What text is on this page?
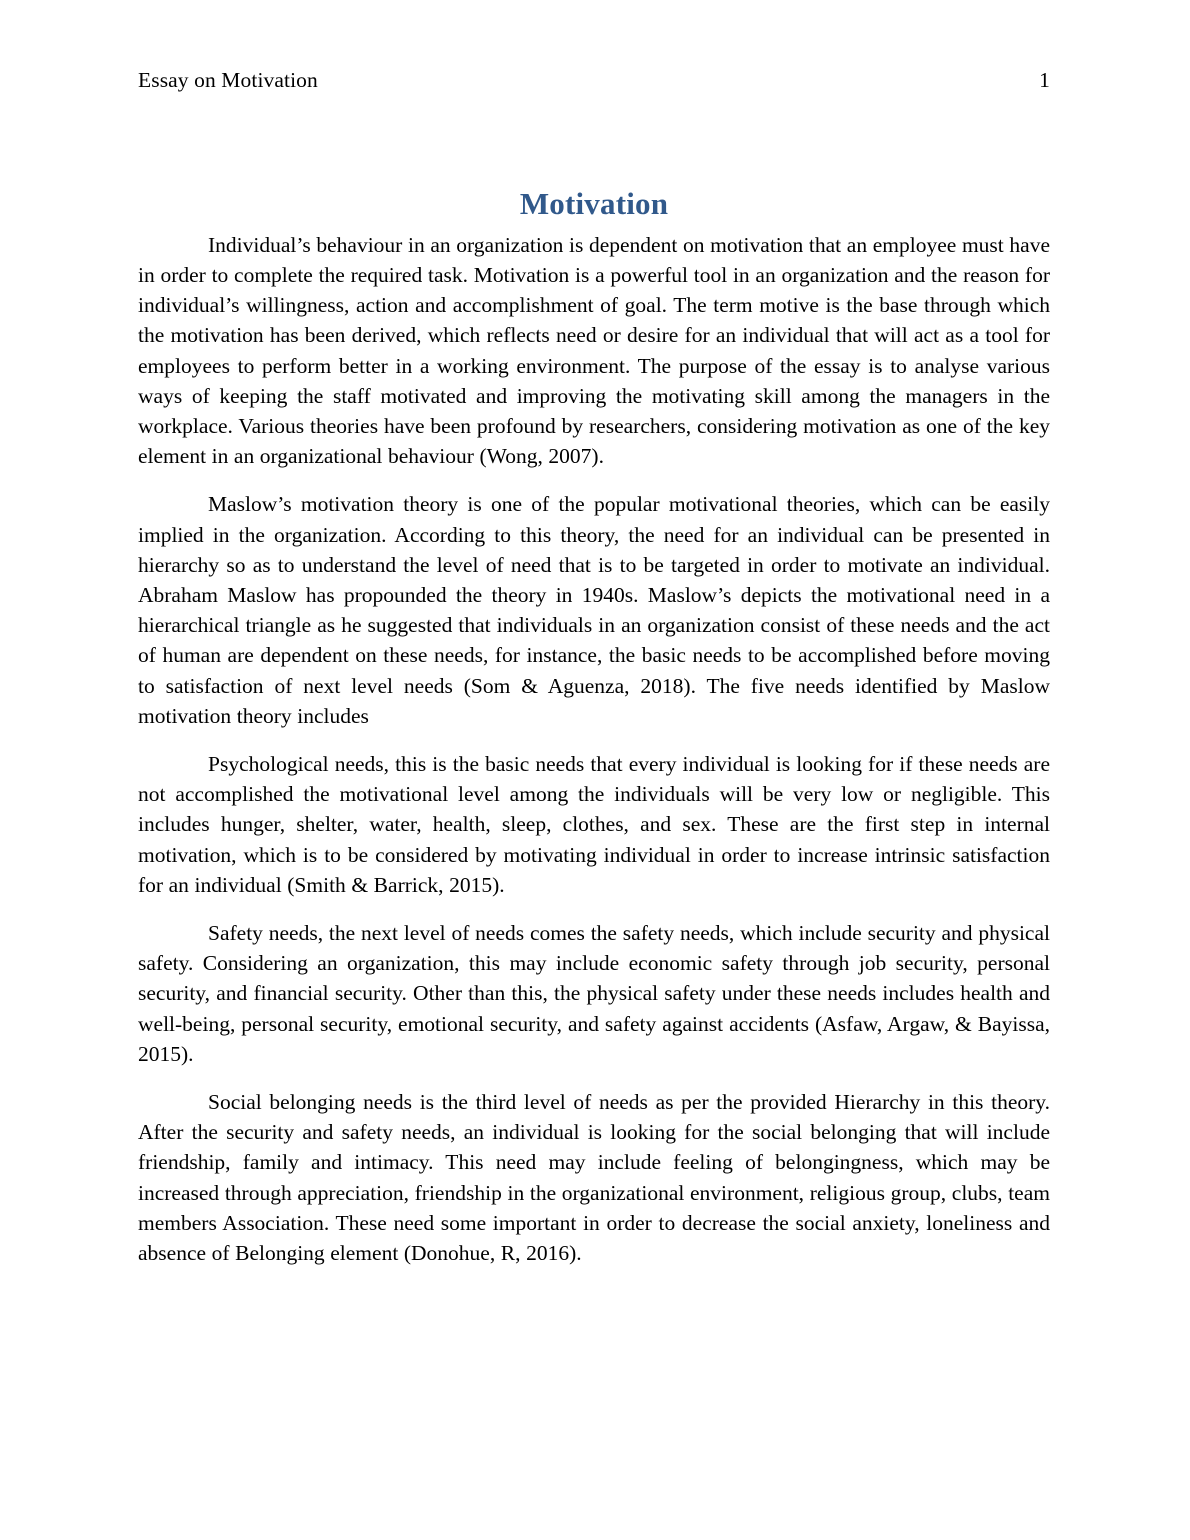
Essay on Motivation	1
Motivation

Individual’s behaviour in an organization is dependent on motivation that an employee must have in order to complete the required task. Motivation is a powerful tool in an organization and the reason for individual’s willingness, action and accomplishment of goal. The term motive is the base through which the motivation has been derived, which reflects need or desire for an individual that will act as a tool for employees to perform better in a working environment. The purpose of the essay is to analyse various ways of keeping the staff motivated and improving the motivating skill among the managers in the workplace. Various theories have been profound by researchers, considering motivation as one of the key element in an organizational behaviour (Wong, 2007).

Maslow’s motivation theory is one of the popular motivational theories, which can be easily implied in the organization. According to this theory, the need for an individual can be presented in hierarchy so as to understand the level of need that is to be targeted in order to motivate an individual. Abraham Maslow has propounded the theory in 1940s. Maslow’s depicts the motivational need in a hierarchical triangle as he suggested that individuals in an organization consist of these needs and the act of human are dependent on these needs, for instance, the basic needs to be accomplished before moving to satisfaction of next level needs (Som & Aguenza, 2018). The five needs identified by Maslow motivation theory includes

Psychological needs, this is the basic needs that every individual is looking for if these needs are not accomplished the motivational level among the individuals will be very low or negligible. This includes hunger, shelter, water, health, sleep, clothes, and sex. These are the first step in internal motivation, which is to be considered by motivating individual in order to increase intrinsic satisfaction for an individual (Smith & Barrick, 2015).

Safety needs, the next level of needs comes the safety needs, which include security and physical safety. Considering an organization, this may include economic safety through job security, personal security, and financial security. Other than this, the physical safety under these needs includes health and well-being, personal security, emotional security, and safety against accidents (Asfaw, Argaw, & Bayissa, 2015).

Social belonging needs is the third level of needs as per the provided Hierarchy in this theory. After the security and safety needs, an individual is looking for the social belonging that will include friendship, family and intimacy. This need may include feeling of belongingness, which may be increased through appreciation, friendship in the organizational environment, religious group, clubs, team members Association. These need some important in order to decrease the social anxiety, loneliness and absence of Belonging element (Donohue, R, 2016).
